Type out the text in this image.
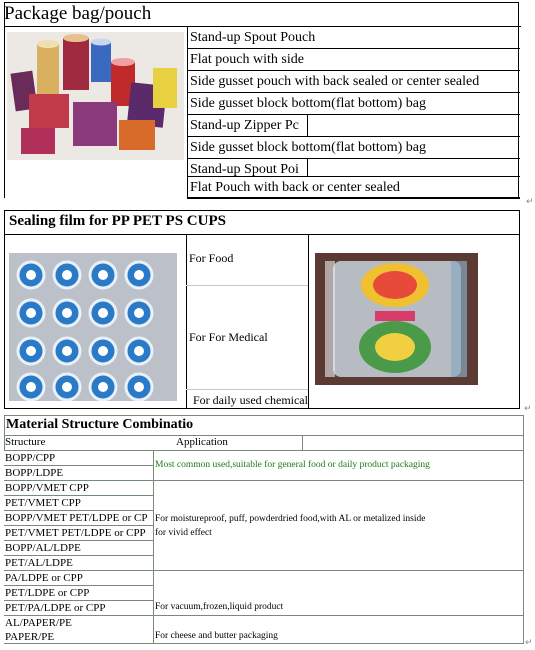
Package bag/pouch
Stand-up Spout Pouch
Flat pouch with side
Side gusset pouch with back sealed or center sealed
Side gusset block bottom(flat bottom) bag
Stand-up Zipper Pc
Side gusset block bottom(flat bottom) bag
Stand-up Spout Poi
Flat Pouch with back or center sealed
Sealing film for PP PET PS CUPS
For Food
For For Medical
For daily used chemical
Material Structure Combinatio
Structure	Application
BOPP/CPP
BOPP/LDPE
BOPP/VMET CPP
PET/VMET CPP
BOPP/VMET PET/LDPE or CP
PET/VMET PET/LDPE or CPP
BOPP/AL/LDPE
PET/AL/LDPE
PA/LDPE or CPP
PET/LDPE or CPP
PET/PA/LDPE or CPP
AL/PAPER/PE
PAPER/PE
Most common used,suitable for general food or daily product packaging
For moistureproof, puff, powderdried food,with AL or metalized inside
for vivid effect
For vacuum,frozen,liquid product
For cheese and butter packaging
↵
↵
↵
